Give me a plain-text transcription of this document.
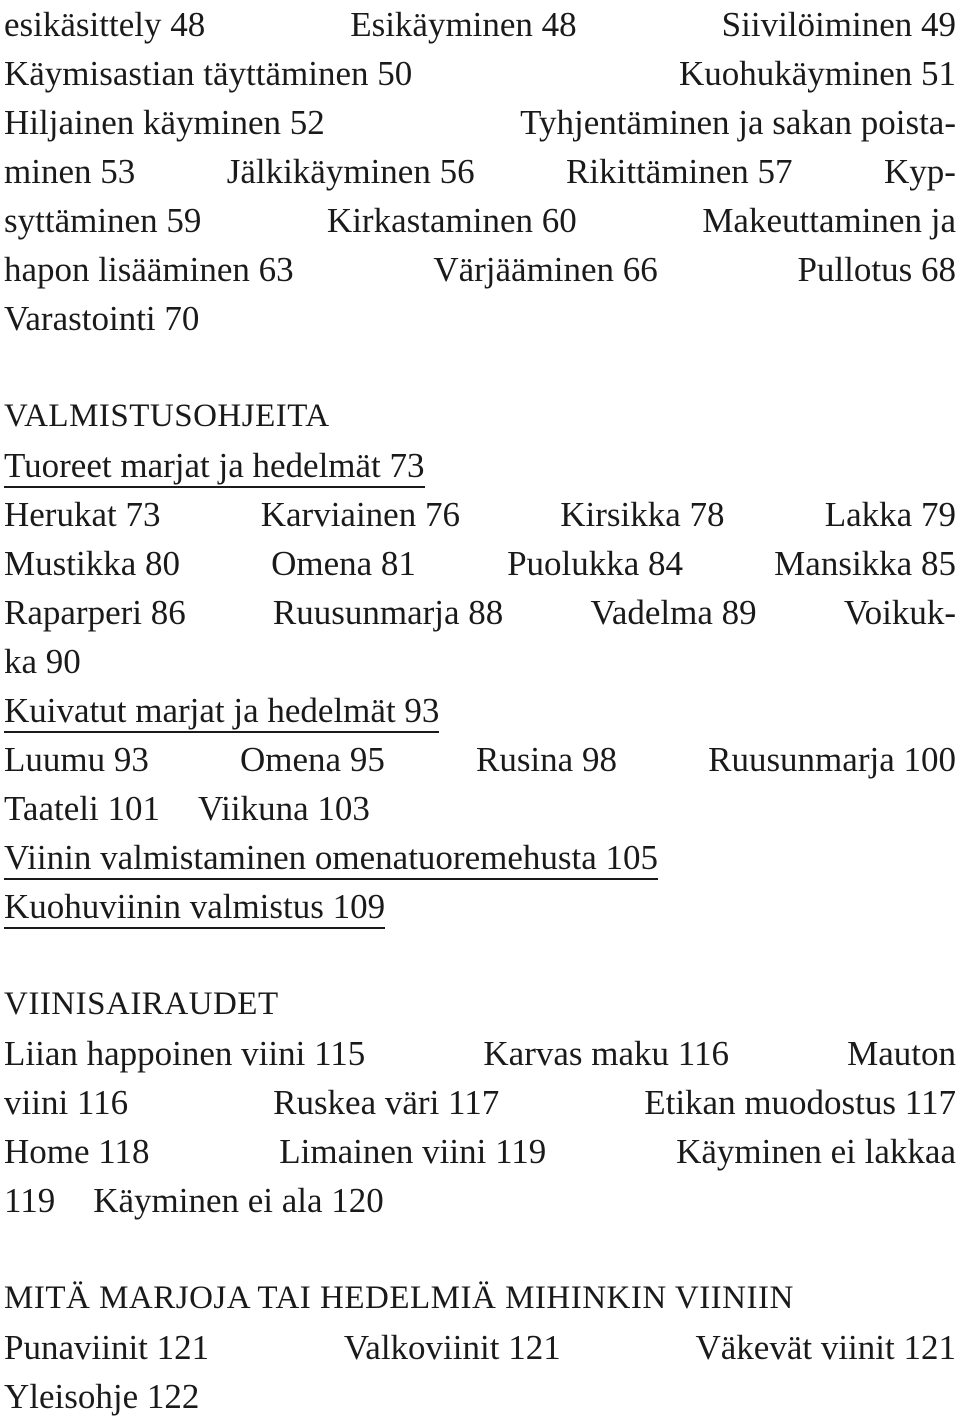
esikäsittely 48	Esikäyminen 48	Siivilöiminen 49
Käymisastian täyttäminen 50	Kuohukäyminen 51
Hiljainen käyminen 52	Tyhjentäminen ja sakan poista-
minen 53	Jälkikäyminen 56	Rikittäminen 57	Kyp-
syttäminen 59	Kirkastaminen 60	Makeuttaminen ja
hapon lisääminen 63	Värjääminen 66	Pullotus 68
Varastointi 70
VALMISTUSOHJEITA
Tuoreet marjat ja hedelmät 73
Herukat 73	Karviainen 76	Kirsikka 78	Lakka 79
Mustikka 80	Omena 81	Puolukka 84	Mansikka 85
Raparperi 86 Ruusunmarja 88 Vadelma 89 Voikuk-
ka 90
Kuivatut marjat ja hedelmät 93
Luumu 93	Omena 95	Rusina 98	Ruusunmarja 100
Taateli 101 Viikuna 103
Viinin valmistaminen omenatuoremehusta 105
Kuohuviinin valmistus 109
VIINISAIRAUDET
Liian happoinen viini 115	Karvas maku 116	Mauton
viini 116	Ruskea väri 117	Etikan muodostus 117
Home 118	Limainen viini 119	Käyminen ei lakkaa
119 Käyminen ei ala 120
MITÄ MARJOJA TAI HEDELMIÄ MIHINKIN VIINIIN
Punaviinit 121	Valkoviinit 121	Väkevät viinit 121
Yleisohje 122
